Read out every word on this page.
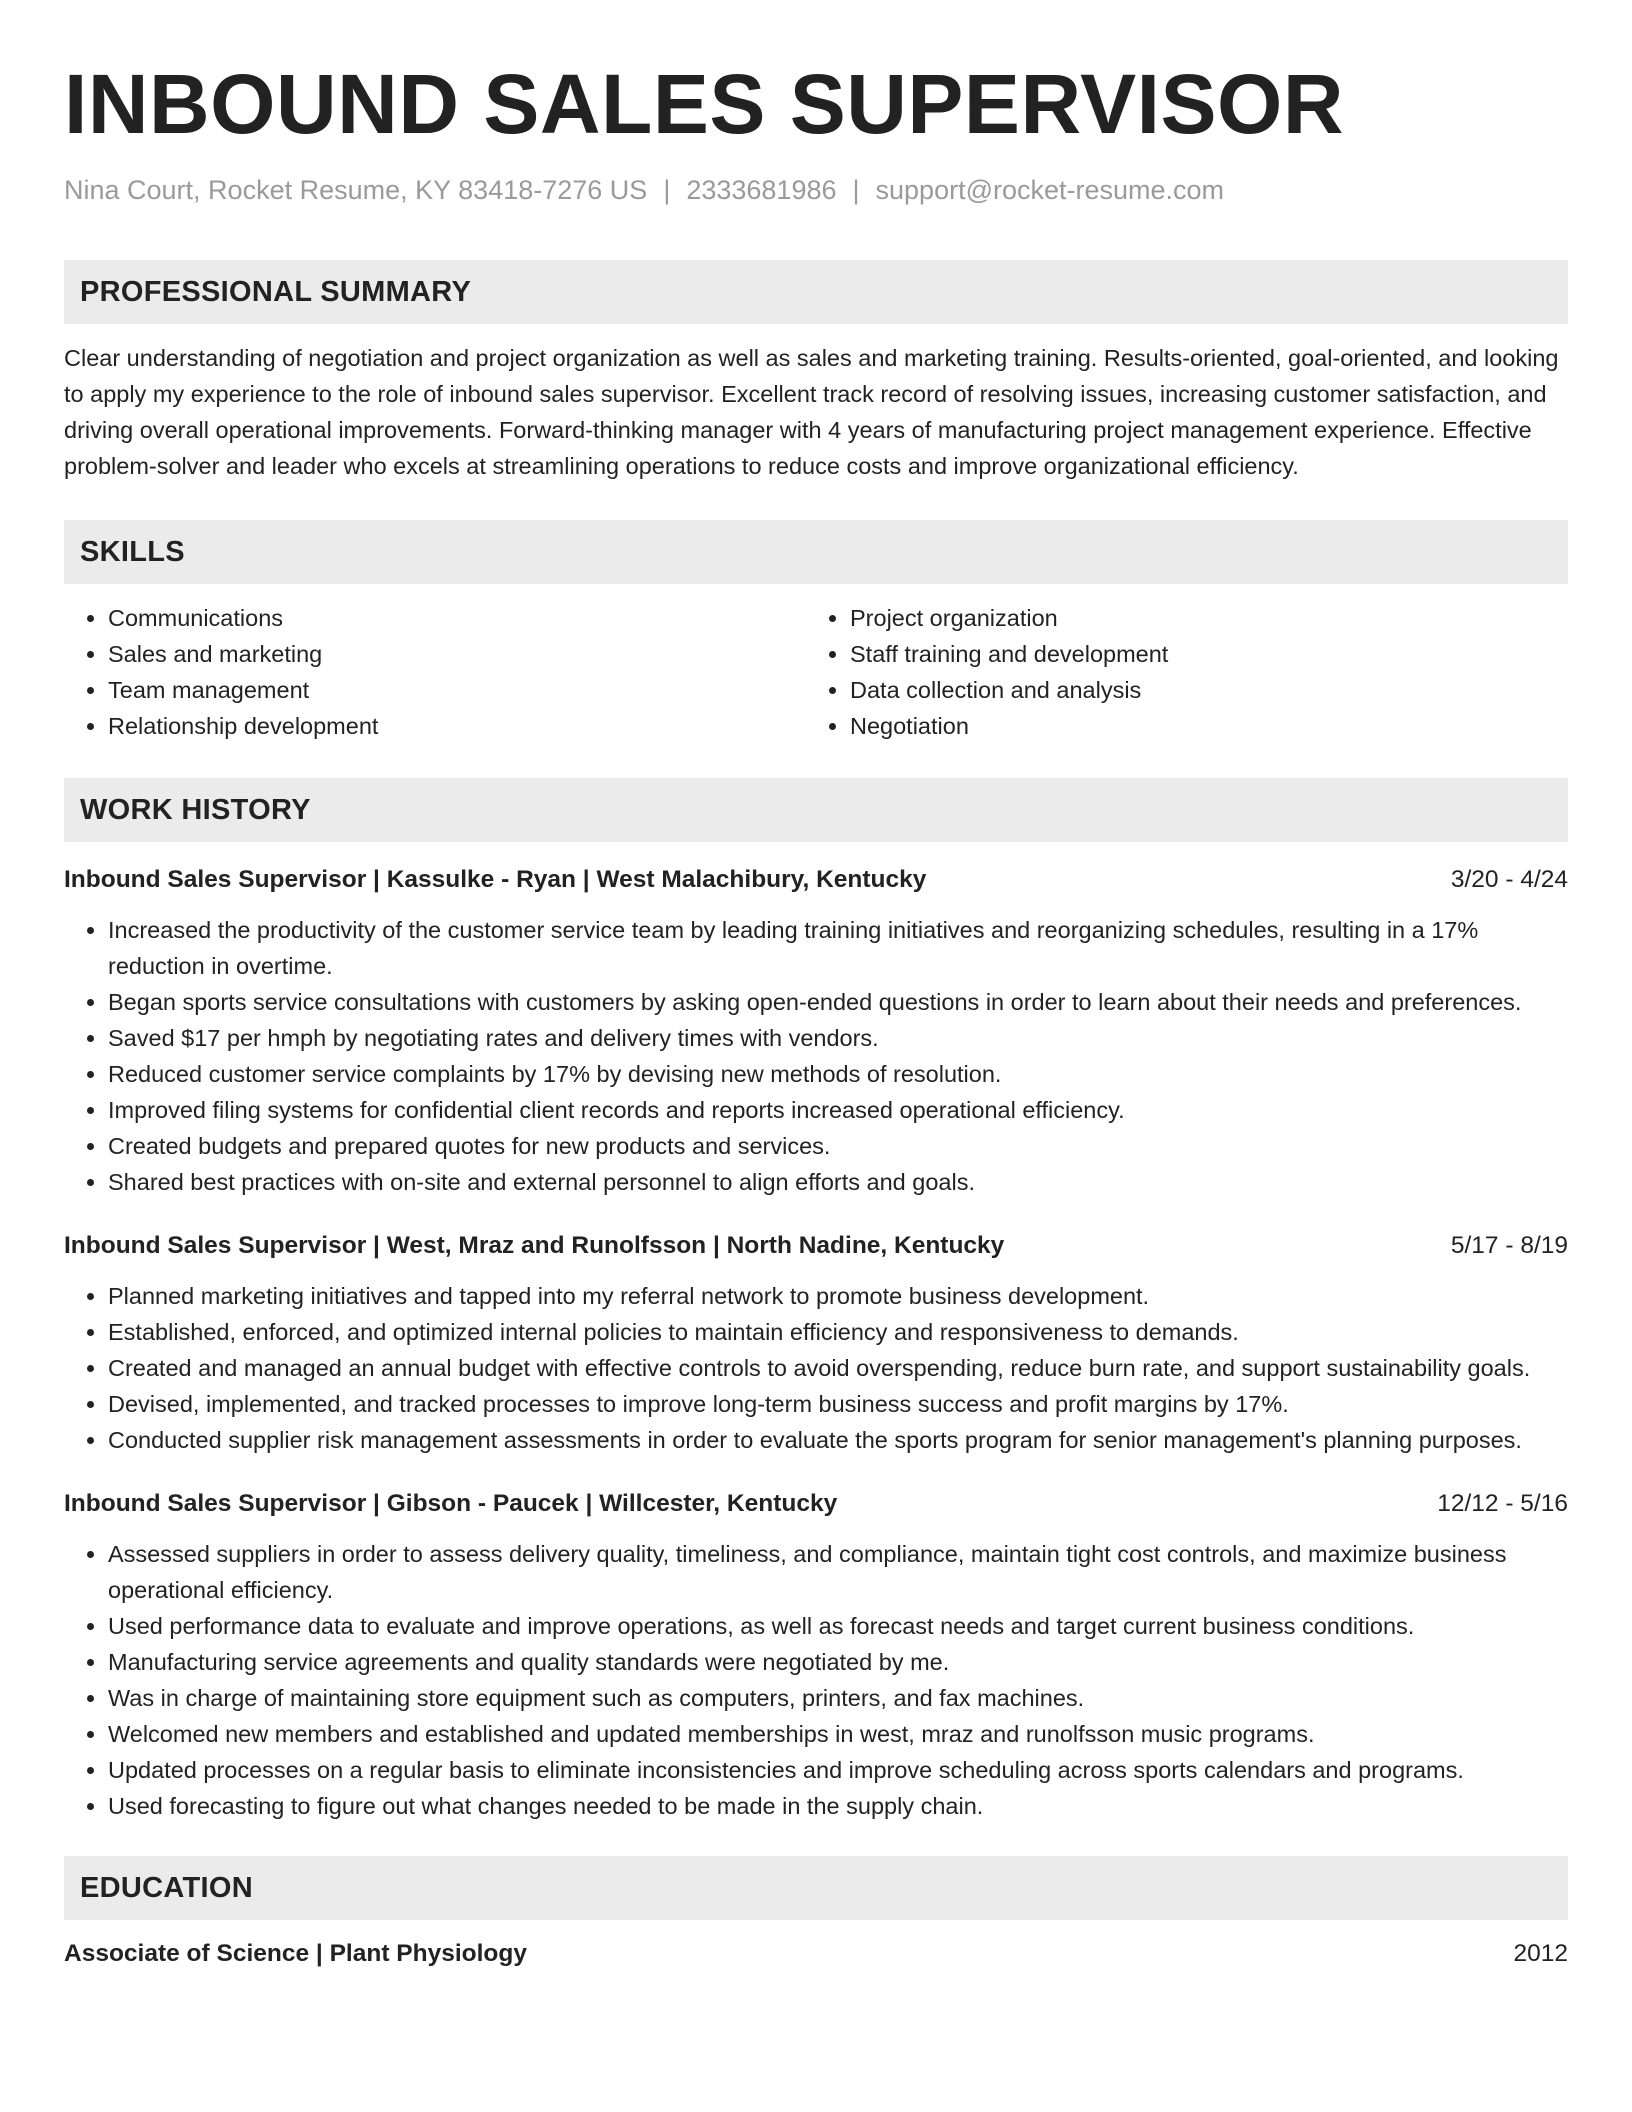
INBOUND SALES SUPERVISOR
Nina Court, Rocket Resume, KY 83418-7276 US | 2333681986 | support@rocket-resume.com
PROFESSIONAL SUMMARY
Clear understanding of negotiation and project organization as well as sales and marketing training. Results-oriented, goal-oriented, and looking to apply my experience to the role of inbound sales supervisor. Excellent track record of resolving issues, increasing customer satisfaction, and driving overall operational improvements. Forward-thinking manager with 4 years of manufacturing project management experience. Effective problem-solver and leader who excels at streamlining operations to reduce costs and improve organizational efficiency.
SKILLS
• Communications
• Sales and marketing
• Team management
• Relationship development
• Project organization
• Staff training and development
• Data collection and analysis
• Negotiation
WORK HISTORY
Inbound Sales Supervisor | Kassulke - Ryan | West Malachibury, Kentucky	3/20 - 4/24
• Increased the productivity of the customer service team by leading training initiatives and reorganizing schedules, resulting in a 17% reduction in overtime.
• Began sports service consultations with customers by asking open-ended questions in order to learn about their needs and preferences.
• Saved $17 per hmph by negotiating rates and delivery times with vendors.
• Reduced customer service complaints by 17% by devising new methods of resolution.
• Improved filing systems for confidential client records and reports increased operational efficiency.
• Created budgets and prepared quotes for new products and services.
• Shared best practices with on-site and external personnel to align efforts and goals.
Inbound Sales Supervisor | West, Mraz and Runolfsson | North Nadine, Kentucky	5/17 - 8/19
• Planned marketing initiatives and tapped into my referral network to promote business development.
• Established, enforced, and optimized internal policies to maintain efficiency and responsiveness to demands.
• Created and managed an annual budget with effective controls to avoid overspending, reduce burn rate, and support sustainability goals.
• Devised, implemented, and tracked processes to improve long-term business success and profit margins by 17%.
• Conducted supplier risk management assessments in order to evaluate the sports program for senior management's planning purposes.
Inbound Sales Supervisor | Gibson - Paucek | Willcester, Kentucky	12/12 - 5/16
• Assessed suppliers in order to assess delivery quality, timeliness, and compliance, maintain tight cost controls, and maximize business operational efficiency.
• Used performance data to evaluate and improve operations, as well as forecast needs and target current business conditions.
• Manufacturing service agreements and quality standards were negotiated by me.
• Was in charge of maintaining store equipment such as computers, printers, and fax machines.
• Welcomed new members and established and updated memberships in west, mraz and runolfsson music programs.
• Updated processes on a regular basis to eliminate inconsistencies and improve scheduling across sports calendars and programs.
• Used forecasting to figure out what changes needed to be made in the supply chain.
EDUCATION
Associate of Science | Plant Physiology	2012
